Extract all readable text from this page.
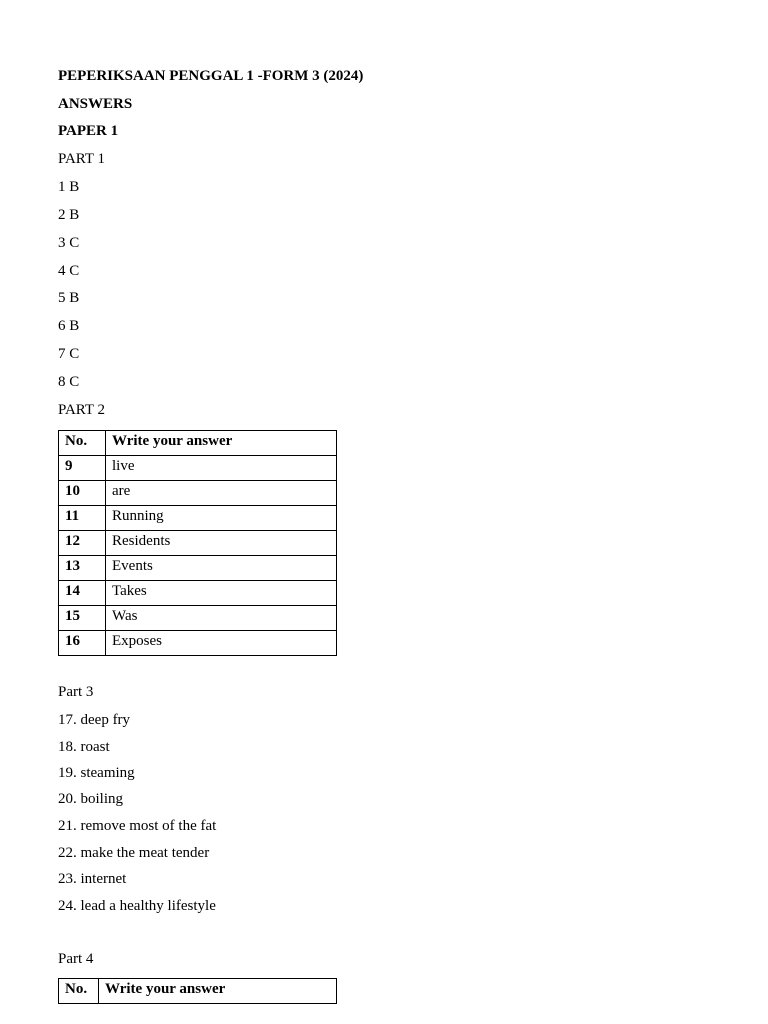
PEPERIKSAAN PENGGAL 1 -FORM 3 (2024)
ANSWERS
PAPER 1
PART 1
1 B
2 B
3 C
4 C
5 B
6 B
7 C
8 C
PART 2
No.	Write your answer
9	live
10	are
11	Running
12	Residents
13	Events
14	Takes
15	Was
16	Exposes
Part 3
17. deep fry
18. roast
19. steaming
20. boiling
21. remove most of the fat
22. make the meat tender
23. internet
24. lead a healthy lifestyle
Part 4
No.	Write your answer
